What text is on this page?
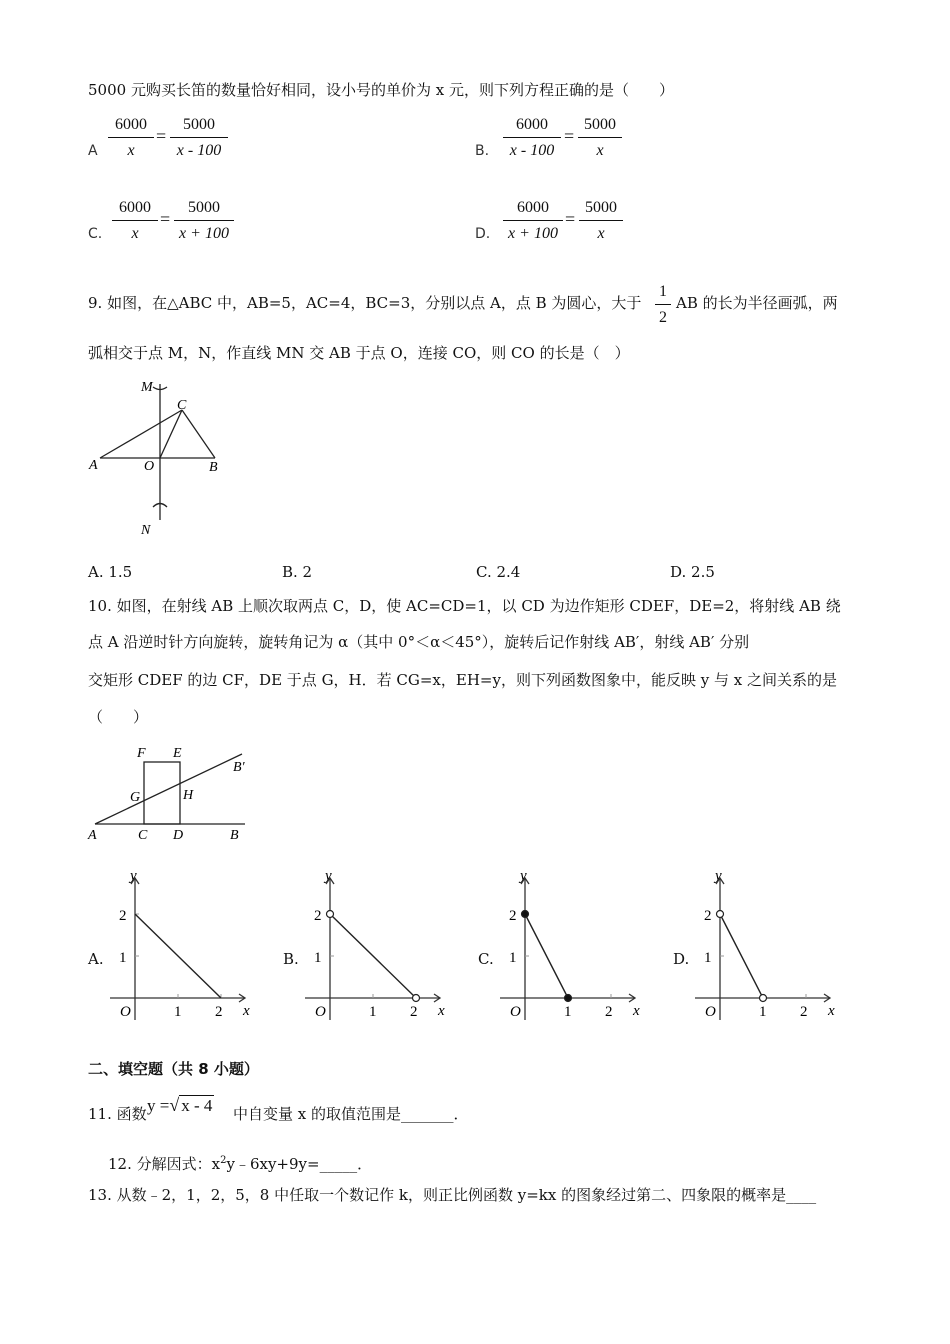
5000 元购买长笛的数量恰好相同，设小号的单价为 x 元，则下列方程正确的是（　　）
A $\frac{6000}{x} = \frac{5000}{x - 100}$	B. $\frac{6000}{x - 100} = \frac{5000}{x}$
C. $\frac{6000}{x} = \frac{5000}{x + 100}$	D. $\frac{6000}{x + 100} = \frac{5000}{x}$
9. 如图，在△ABC 中，AB=5，AC=4，BC=3，分别以点 A，点 B 为圆心，大于 $\frac{1}{2}$ AB 的长为半径画弧，两
弧相交于点 M，N，作直线 MN 交 AB 于点 O，连接 CO，则 CO 的长是（　）
M
C
A	O	B
N
A. 1.5	B. 2	C. 2.4	D. 2.5
10. 如图，在射线 AB 上顺次取两点 C，D，使 AC=CD=1，以 CD 为边作矩形 CDEF，DE=2，将射线 AB 绕
点 A 沿逆时针方向旋转，旋转角记为 α（其中 0°＜α＜45°），旋转后记作射线 AB′，射线 AB′ 分别
交矩形 CDEF 的边 CF，DE 于点 G，H．若 CG=x，EH=y，则下列函数图象中，能反映 y 与 x 之间关系的是
（　　）
F E
B′
G	H
A	C D	B
A.
y
x
O
1
2
1 2
B.
y
x
O
1
2
1 2
C.
y
x
O
1
2
1 2
D.
y
x
O
1
2
1 2
二、填空题（共 8 小题）
11. 函数 y =√ x - 4 中自变量 x 的取值范围是_______．
12. 分解因式：$x^2y﹣6xy+9y=\_\_\_\_\_$．
13. 从数﹣2，1，2，5，8 中任取一个数记作 k，则正比例函数 y=kx 的图象经过第二、四象限的概率是____
